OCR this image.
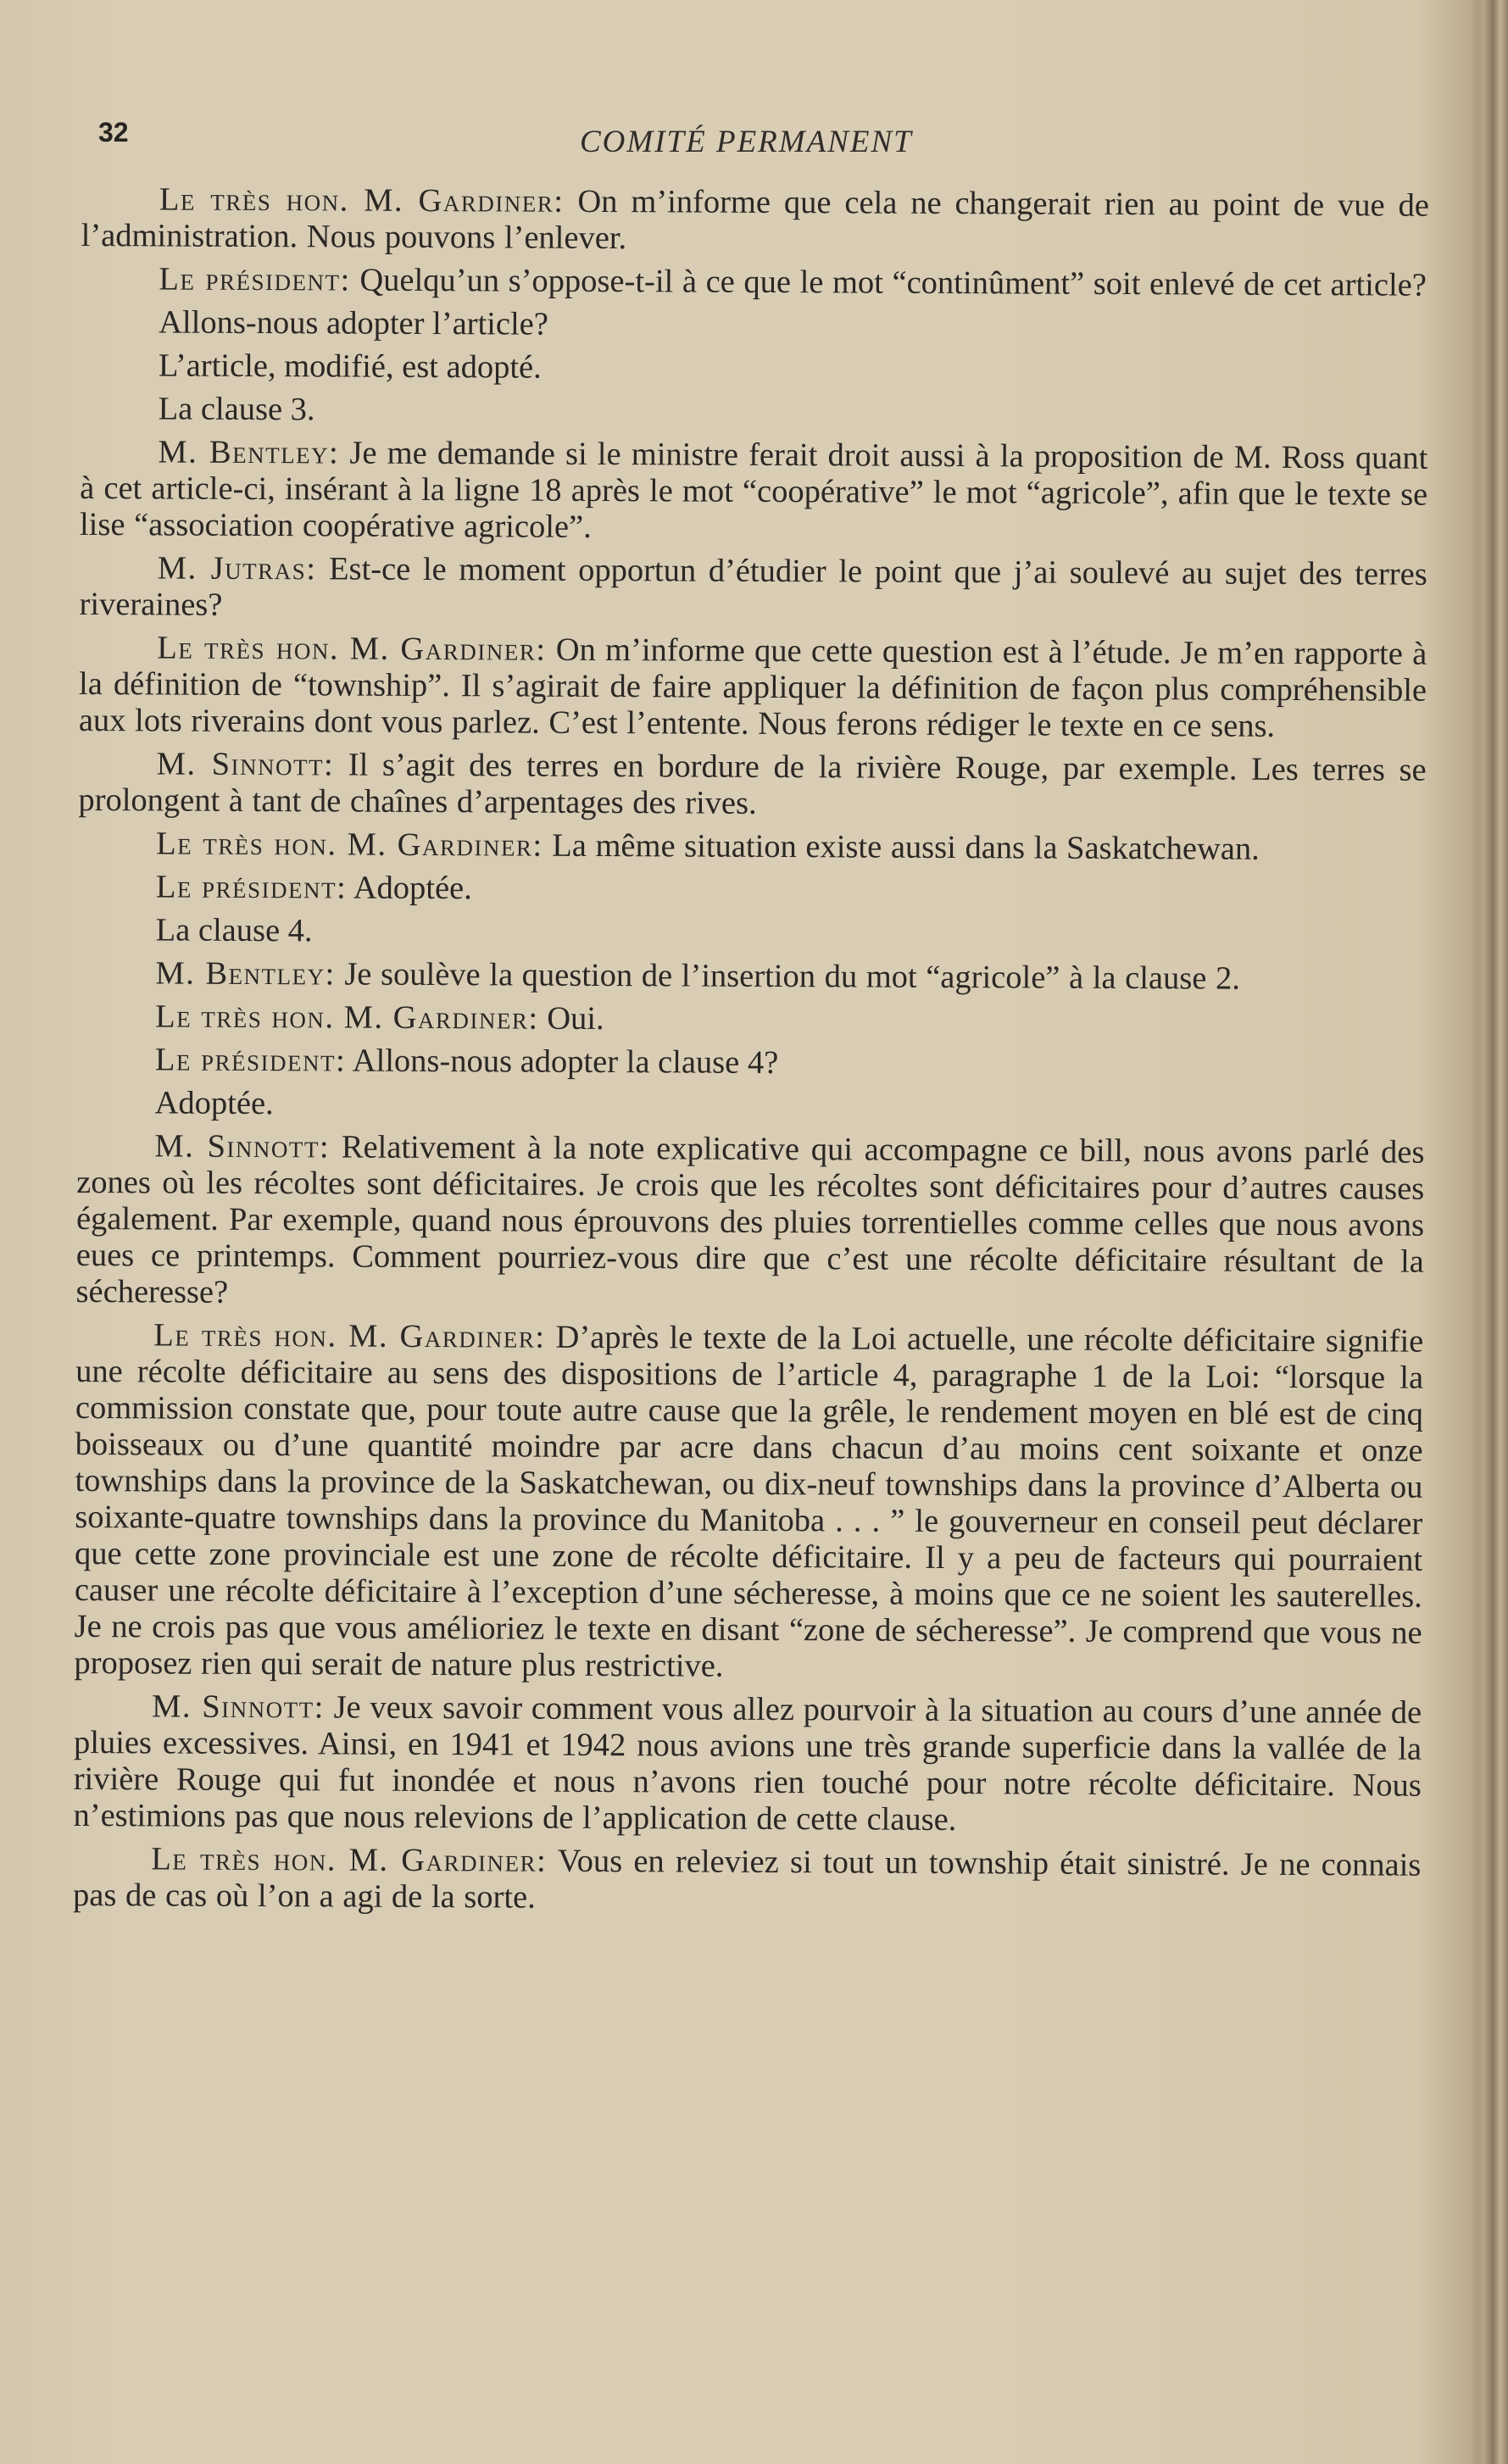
32	COMITÉ PERMANENT

Le très hon. M. Gardiner: On m’informe que cela ne changerait rien au point de vue de l’administration. Nous pouvons l’enlever.

Le président: Quelqu’un s’oppose-t-il à ce que le mot “continûment” soit enlevé de cet article?

Allons-nous adopter l’article?

L’article, modifié, est adopté.

La clause 3.

M. Bentley: Je me demande si le ministre ferait droit aussi à la proposition de M. Ross quant à cet article-ci, insérant à la ligne 18 après le mot “coopérative” le mot “agricole”, afin que le texte se lise “association coopérative agricole”.

M. Jutras: Est-ce le moment opportun d’étudier le point que j’ai soulevé au sujet des terres riveraines?

Le très hon. M. Gardiner: On m’informe que cette question est à l’étude. Je m’en rapporte à la définition de “township”. Il s’agirait de faire appliquer la définition de façon plus compréhensible aux lots riverains dont vous parlez. C’est l’entente. Nous ferons rédiger le texte en ce sens.

M. Sinnott: Il s’agit des terres en bordure de la rivière Rouge, par exemple. Les terres se prolongent à tant de chaînes d’arpentages des rives.

Le très hon. M. Gardiner: La même situation existe aussi dans la Saskatchewan.

Le président: Adoptée.

La clause 4.

M. Bentley: Je soulève la question de l’insertion du mot “agricole” à la clause 2.

Le très hon. M. Gardiner: Oui.

Le président: Allons-nous adopter la clause 4?

Adoptée.

M. Sinnott: Relativement à la note explicative qui accompagne ce bill, nous avons parlé des zones où les récoltes sont déficitaires. Je crois que les récoltes sont déficitaires pour d’autres causes également. Par exemple, quand nous éprouvons des pluies torrentielles comme celles que nous avons eues ce printemps. Comment pourriez-vous dire que c’est une récolte déficitaire résultant de la sécheresse?

Le très hon. M. Gardiner: D’après le texte de la Loi actuelle, une récolte déficitaire signifie une récolte déficitaire au sens des dispositions de l’article 4, paragraphe 1 de la Loi: “lorsque la commission constate que, pour toute autre cause que la grêle, le rendement moyen en blé est de cinq boisseaux ou d’une quantité moindre par acre dans chacun d’au moins cent soixante et onze townships dans la province de la Saskatchewan, ou dix-neuf townships dans la province d’Alberta ou soixante-quatre townships dans la province du Manitoba . . . ” le gouverneur en conseil peut déclarer que cette zone provinciale est une zone de récolte déficitaire. Il y a peu de facteurs qui pourraient causer une récolte déficitaire à l’exception d’une sécheresse, à moins que ce ne soient les sauterelles. Je ne crois pas que vous amélioriez le texte en disant “zone de sécheresse”. Je comprend que vous ne proposez rien qui serait de nature plus restrictive.

M. Sinnott: Je veux savoir comment vous allez pourvoir à la situation au cours d’une année de pluies excessives. Ainsi, en 1941 et 1942 nous avions une très grande superficie dans la vallée de la rivière Rouge qui fut inondée et nous n’avons rien touché pour notre récolte déficitaire. Nous n’estimions pas que nous relevions de l’application de cette clause.

Le très hon. M. Gardiner: Vous en releviez si tout un township était sinistré. Je ne connais pas de cas où l’on a agi de la sorte.
